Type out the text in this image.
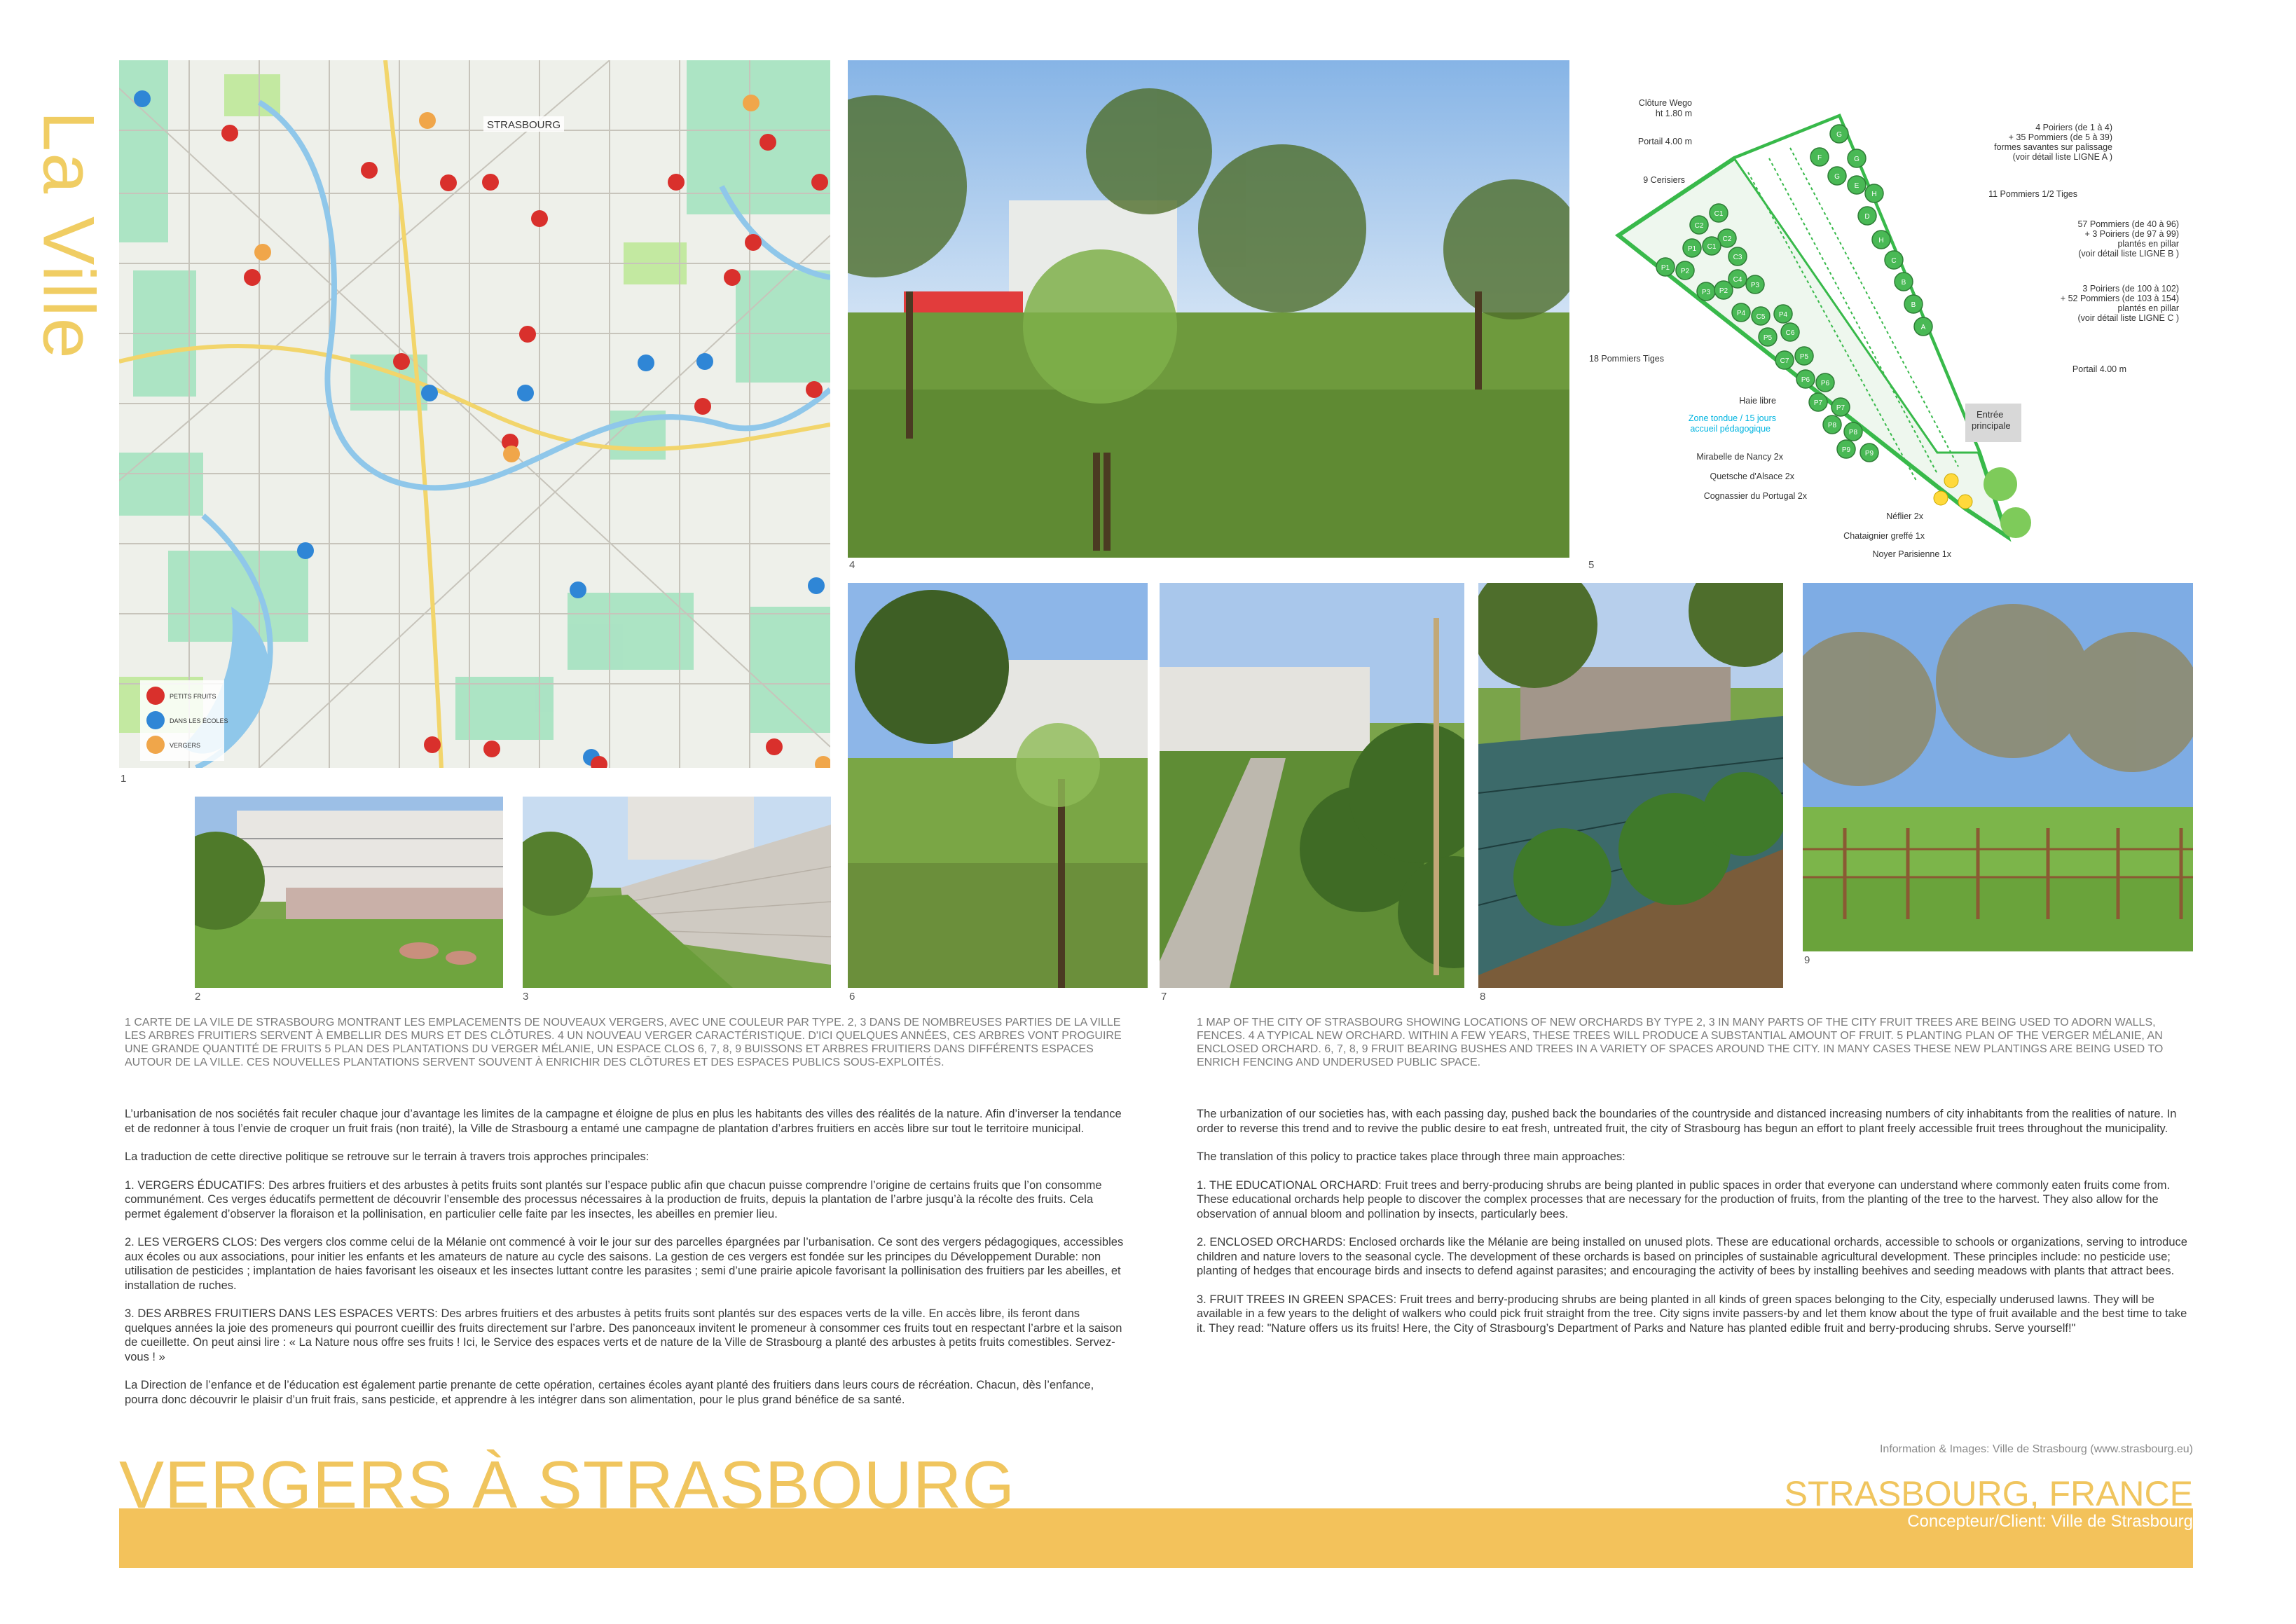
La Ville	STRASBOURG
PETITS FRUITS
DANS LES ÉCOLES
VERGERS
1
4
Entrée
principale
Clôture Wego
ht 1.80 m
Portail 4.00 m
9 Cerisiers
18 Pommiers Tiges
Haie libre
Zone tondue / 15 jours
accueil pédagogique
Mirabelle de Nancy 2x
Quetsche d'Alsace 2x
Cognassier du Portugal 2x
Néflier 2x
Chataignier greffé 1x
Noyer Parisienne 1x
4 Poiriers (de 1 à 4)
+ 35 Pommiers (de 5 à 39)
formes savantes sur palissage
(voir détail liste LIGNE A )
11 Pommiers 1/2 Tiges
57 Pommiers (de 40 à 96)
+ 3 Poiriers (de 97 à 99)
plantés en pillar
(voir détail liste LIGNE B )
3 Poiriers (de 100 à 102)
+ 52 Pommiers (de 103 à 154)
plantés en pillar
(voir détail liste LIGNE C )
Portail 4.00 m
G
G
F
G
E
H
D
H
C
B
B
A
C2
C1
C2
P1 C1
C3
P1 P2
P3
C4
P2
P3
P4 C5 P4
P5
C6
P5
C7
P6 P6
P7
P7
P8
P8
P9 P9
5
2	3	6	7	8
9
1 CARTE DE LA VILE DE STRASBOURG MONTRANT LES EMPLACEMENTS DE NOUVEAUX VERGERS, AVEC UNE COULEUR PAR TYPE. 2, 3 DANS DE NOMBREUSES PARTIES DE LA VILLE LES ARBRES FRUITIERS SERVENT À EMBELLIR DES MURS ET DES CLÔTURES. 4 UN NOUVEAU VERGER CARACTÉRISTIQUE. D'ICI QUELQUES ANNÉES, CES ARBRES VONT PROGUIRE UNE GRANDE QUANTITÉ DE FRUITS 5 PLAN DES PLANTATIONS DU VERGER MÉLANIE, UN ESPACE CLOS 6, 7, 8, 9 BUISSONS ET ARBRES FRUITIERS DANS DIFFÉRENTS ESPACES AUTOUR DE LA VILLE. CES NOUVELLES PLANTATIONS SERVENT SOUVENT À ENRICHIR DES CLÔTURES ET DES ESPACES PUBLICS SOUS-EXPLOITÉS.
1 MAP OF THE CITY OF STRASBOURG SHOWING LOCATIONS OF NEW ORCHARDS BY TYPE 2, 3 IN MANY PARTS OF THE CITY FRUIT TREES ARE BEING USED TO ADORN WALLS, FENCES. 4 A TYPICAL NEW ORCHARD. WITHIN A FEW YEARS, THESE TREES WILL PRODUCE A SUBSTANTIAL AMOUNT OF FRUIT. 5 PLANTING PLAN OF THE VERGER MÉLANIE, AN ENCLOSED ORCHARD. 6, 7, 8, 9 FRUIT BEARING BUSHES AND TREES IN A VARIETY OF SPACES AROUND THE CITY. IN MANY CASES THESE NEW PLANTINGS ARE BEING USED TO ENRICH FENCING AND UNDERUSED PUBLIC SPACE.

L’urbanisation de nos sociétés fait reculer chaque jour d’avantage les limites de la campagne et éloigne de plus en plus les habitants des villes des réalités de la nature. Afin d’inverser la tendance et de redonner à tous l’envie de croquer un fruit frais (non traité), la Ville de Strasbourg a entamé une campagne de plantation d’arbres fruitiers en accès libre sur tout le territoire municipal.

La traduction de cette directive politique se retrouve sur le terrain à travers trois approches principales:

1. VERGERS ÉDUCATIFS: Des arbres fruitiers et des arbustes à petits fruits sont plantés sur l’espace public afin que chacun puisse comprendre l’origine de certains fruits que l’on consomme communément. Ces verges éducatifs permettent de découvrir l’ensemble des processus nécessaires à la production de fruits, depuis la plantation de l’arbre jusqu’à la récolte des fruits. Cela permet également d’observer la floraison et la pollinisation, en particulier celle faite par les insectes, les abeilles en premier lieu.

2. LES VERGERS CLOS: Des vergers clos comme celui de la Mélanie ont commencé à voir le jour sur des parcelles épargnées par l’urbanisation. Ce sont des vergers pédagogiques, accessibles aux écoles ou aux associations, pour initier les enfants et les amateurs de nature au cycle des saisons. La gestion de ces vergers est fondée sur les principes du Développement Durable: non utilisation de pesticides ; implantation de haies favorisant les oiseaux et les insectes luttant contre les parasites ; semi d’une prairie apicole favorisant la pollinisation des fruitiers par les abeilles, et installation de ruches.

3. DES ARBRES FRUITIERS DANS LES ESPACES VERTS: Des arbres fruitiers et des arbustes à petits fruits sont plantés sur des espaces verts de la ville. En accès libre, ils feront dans quelques années la joie des promeneurs qui pourront cueillir des fruits directement sur l’arbre. Des panonceaux invitent le promeneur à consommer ces fruits tout en respectant l’arbre et la saison de cueillette. On peut ainsi lire : « La Nature nous offre ses fruits ! Ici, le Service des espaces verts et de nature de la Ville de Strasbourg a planté des arbustes à petits fruits comestibles. Servez-vous ! »

La Direction de l’enfance et de l’éducation est également partie prenante de cette opération, certaines écoles ayant planté des fruitiers dans leurs cours de récréation. Chacun, dès l’enfance, pourra donc découvrir le plaisir d’un fruit frais, sans pesticide, et apprendre à les intégrer dans son alimentation, pour le plus grand bénéfice de sa santé.

The urbanization of our societies has, with each passing day, pushed back the boundaries of the countryside and distanced increasing numbers of city inhabitants from the realities of nature. In order to reverse this trend and to revive the public desire to eat fresh, untreated fruit, the city of Strasbourg has begun an effort to plant freely accessible fruit trees throughout the municipality.

The translation of this policy to practice takes place through three main approaches:

1. THE EDUCATIONAL ORCHARD: Fruit trees and berry-producing shrubs are being planted in public spaces in order that everyone can understand where commonly eaten fruits come from. These educational orchards help people to discover the complex processes that are necessary for the production of fruits, from the planting of the tree to the harvest. They also allow for the observation of annual bloom and pollination by insects, particularly bees.

2. ENCLOSED ORCHARDS: Enclosed orchards like the Mélanie are being installed on unused plots. These are educational orchards, accessible to schools or organizations, serving to introduce children and nature lovers to the seasonal cycle. The development of these orchards is based on principles of sustainable agricultural development. These principles include: no pesticide use; planting of hedges that encourage birds and insects to defend against parasites; and encouraging the activity of bees by installing beehives and seeding meadows with plants that attract bees.

3. FRUIT TREES IN GREEN SPACES: Fruit trees and berry-producing shrubs are being planted in all kinds of green spaces belonging to the City, especially underused lawns. They will be available in a few years to the delight of walkers who could pick fruit straight from the tree. City signs invite passers-by and let them know about the type of fruit available and the best time to take it. They read: "Nature offers us its fruits! Here, the City of Strasbourg’s Department of Parks and Nature has planted edible fruit and berry-producing shrubs. Serve yourself!"

Information & Images: Ville de Strasbourg (www.strasbourg.eu)
VERGERS À STRASBOURG	STRASBOURG, FRANCE
Concepteur/Client: Ville de Strasbourg
